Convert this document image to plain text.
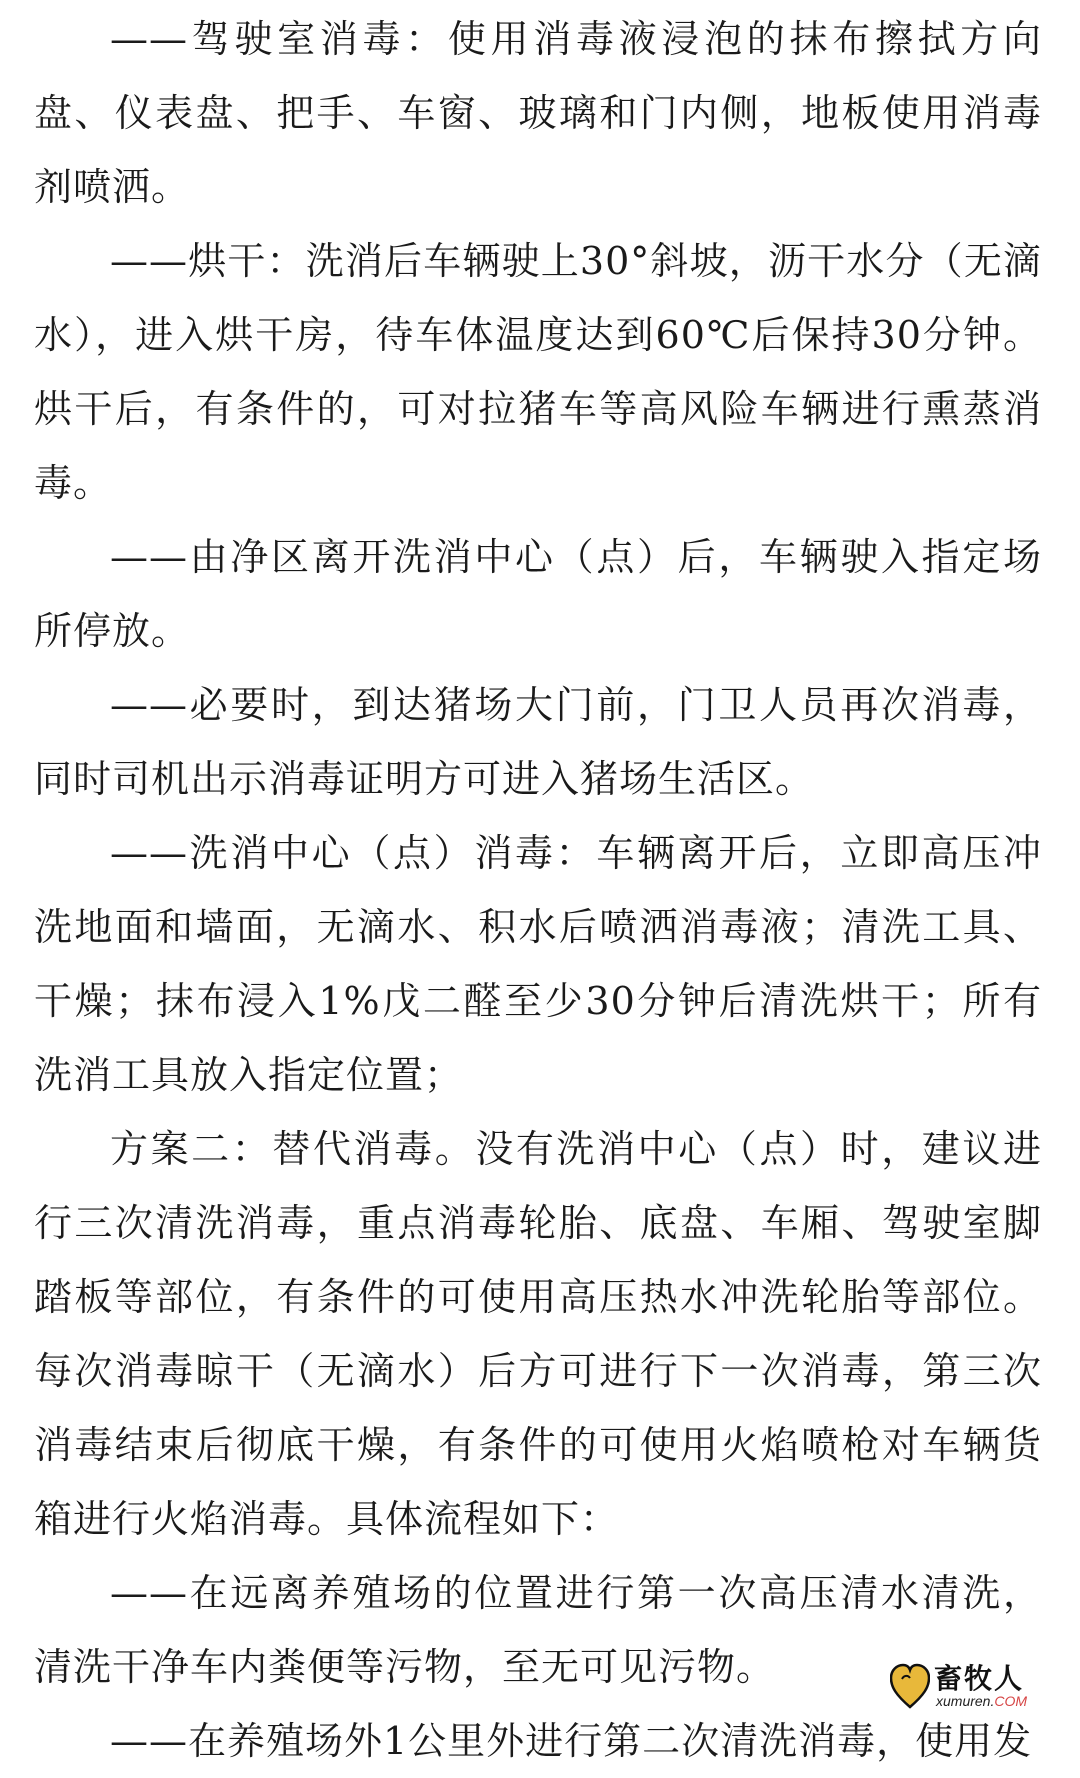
——驾驶室消毒：使用消毒液浸泡的抹布擦拭方向盘、仪表盘、把手、车窗、玻璃和门内侧，地板使用消毒剂喷洒。

——烘干：洗消后车辆驶上30°斜坡，沥干水分（无滴水），进入烘干房，待车体温度达到60℃后保持30分钟。烘干后，有条件的，可对拉猪车等高风险车辆进行熏蒸消毒。

——由净区离开洗消中心（点）后，车辆驶入指定场所停放。

——必要时，到达猪场大门前，门卫人员再次消毒，同时司机出示消毒证明方可进入猪场生活区。

——洗消中心（点）消毒：车辆离开后，立即高压冲洗地面和墙面，无滴水、积水后喷洒消毒液；清洗工具、干燥；抹布浸入1%戊二醛至少30分钟后清洗烘干；所有洗消工具放入指定位置；

方案二：替代消毒。没有洗消中心（点）时，建议进行三次清洗消毒，重点消毒轮胎、底盘、车厢、驾驶室脚踏板等部位，有条件的可使用高压热水冲洗轮胎等部位。每次消毒晾干（无滴水）后方可进行下一次消毒，第三次消毒结束后彻底干燥，有条件的可使用火焰喷枪对车辆货箱进行火焰消毒。具体流程如下：

——在远离养殖场的位置进行第一次高压清水清洗，清洗干净车内粪便等污物，至无可见污物。

——在养殖场外1公里外进行第二次清洗消毒，使用发

畜牧人
xumuren.COM
